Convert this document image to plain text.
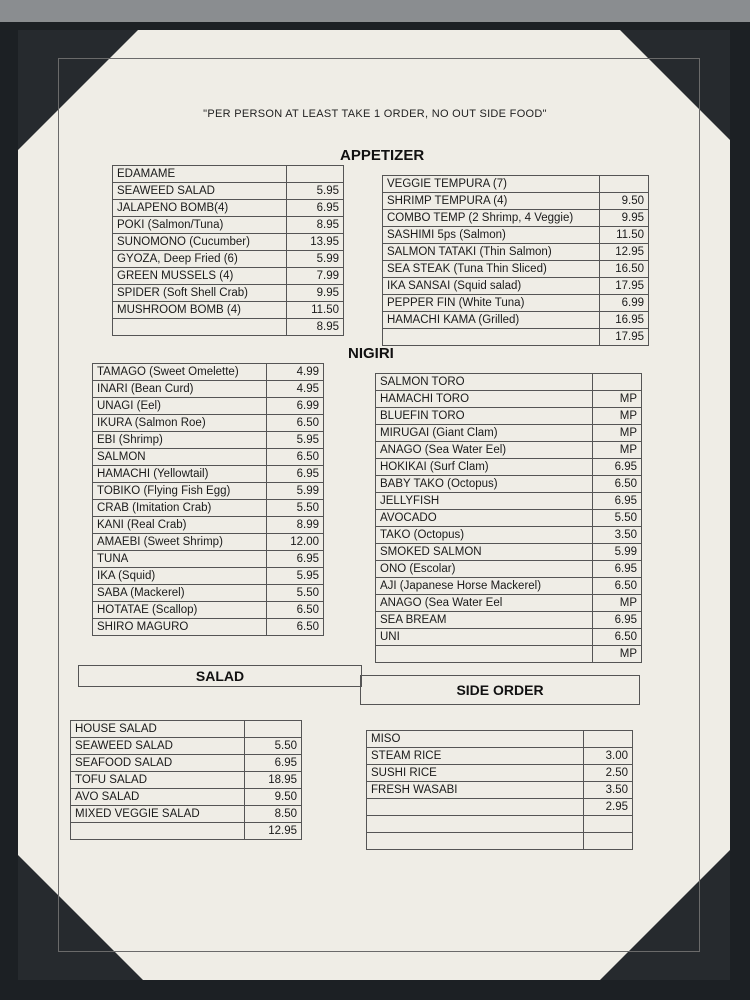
"PER PERSON AT LEAST TAKE 1 ORDER, NO OUT SIDE FOOD"
APPETIZER
EDAMAME	
SEAWEED SALAD	5.95
JALAPENO BOMB(4)	6.95
POKI (Salmon/Tuna)	8.95
SUNOMONO (Cucumber)	13.95
GYOZA, Deep Fried (6)	5.99
GREEN MUSSELS (4)	7.99
SPIDER (Soft Shell Crab)	9.95
MUSHROOM BOMB (4)	11.50
	8.95
VEGGIE TEMPURA (7)	
SHRIMP TEMPURA (4)	9.50
COMBO TEMP (2 Shrimp, 4 Veggie)	9.95
SASHIMI 5ps (Salmon)	11.50
SALMON TATAKI (Thin Salmon)	12.95
SEA STEAK (Tuna Thin Sliced)	16.50
IKA SANSAI (Squid salad)	17.95
PEPPER FIN (White Tuna)	6.99
HAMACHI KAMA (Grilled)	16.95
	17.95
NIGIRI
TAMAGO (Sweet Omelette)	4.99
INARI (Bean Curd)	4.95
UNAGI (Eel)	6.99
IKURA (Salmon Roe)	6.50
EBI (Shrimp)	5.95
SALMON	6.50
HAMACHI (Yellowtail)	6.95
TOBIKO (Flying Fish Egg)	5.99
CRAB (Imitation Crab)	5.50
KANI (Real Crab)	8.99
AMAEBI (Sweet Shrimp)	12.00
TUNA	6.95
IKA (Squid)	5.95
SABA (Mackerel)	5.50
HOTATAE (Scallop)	6.50
SHIRO MAGURO	6.50
SALMON TORO	
HAMACHI TORO	MP
BLUEFIN TORO	MP
MIRUGAI (Giant Clam)	MP
ANAGO (Sea Water Eel)	MP
HOKIKAI (Surf Clam)	6.95
BABY TAKO (Octopus)	6.50
JELLYFISH	6.95
AVOCADO	5.50
TAKO (Octopus)	3.50
SMOKED SALMON	5.99
ONO (Escolar)	6.95
AJI (Japanese Horse Mackerel)	6.50
ANAGO (Sea Water Eel	MP
SEA BREAM	6.95
UNI	6.50
	MP
SALAD
SIDE ORDER
HOUSE SALAD	
SEAWEED SALAD	5.50
SEAFOOD SALAD	6.95
TOFU SALAD	18.95
AVO SALAD	9.50
MIXED VEGGIE SALAD	8.50
	12.95
MISO	
STEAM RICE	3.00
SUSHI RICE	2.50
FRESH WASABI	3.50
	2.95
